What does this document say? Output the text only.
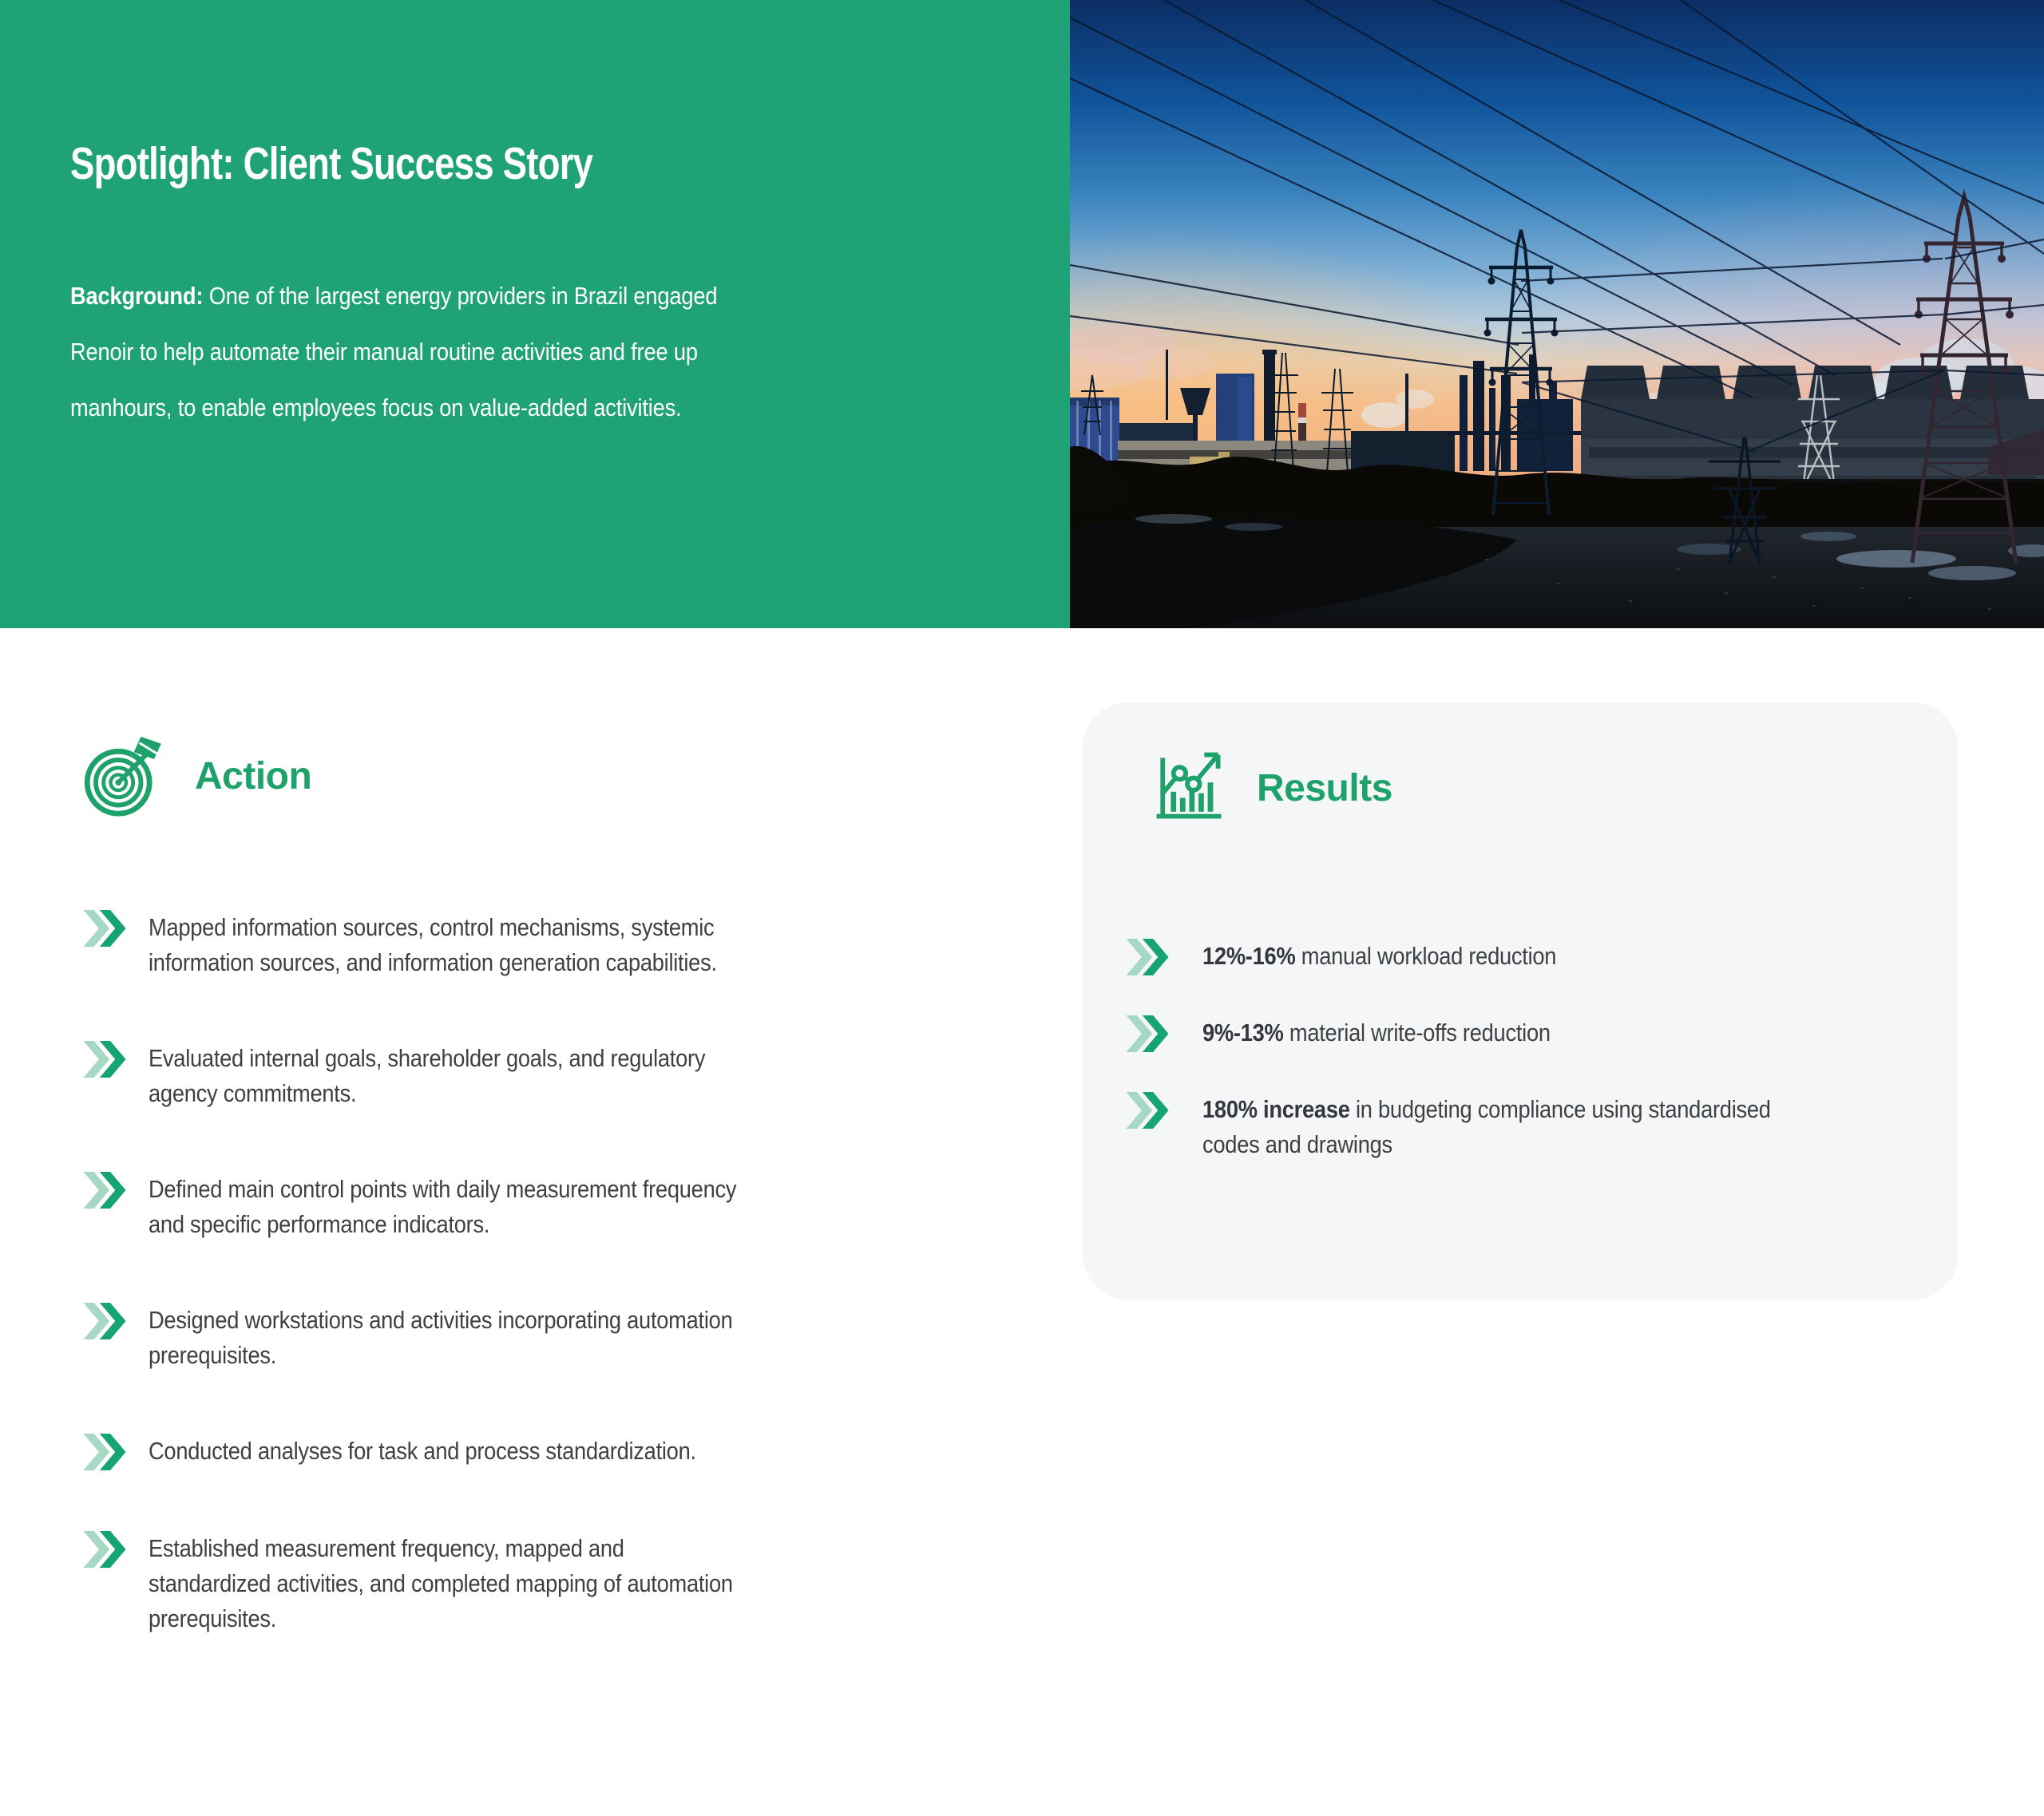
Spotlight: Client Success Story

Background: One of the largest energy providers in Brazil engaged Renoir to help automate their manual routine activities and free up manhours, to enable employees focus on value-added activities.

Action

Mapped information sources, control mechanisms, systemic information sources, and information generation capabilities.

Evaluated internal goals, shareholder goals, and regulatory agency commitments.

Defined main control points with daily measurement frequency and specific performance indicators.

Designed workstations and activities incorporating automation prerequisites.

Conducted analyses for task and process standardization.

Established measurement frequency, mapped and standardized activities, and completed mapping of automation prerequisites.

Results

12%-16% manual workload reduction

9%-13% material write-offs reduction

180% increase in budgeting compliance using standardised codes and drawings
